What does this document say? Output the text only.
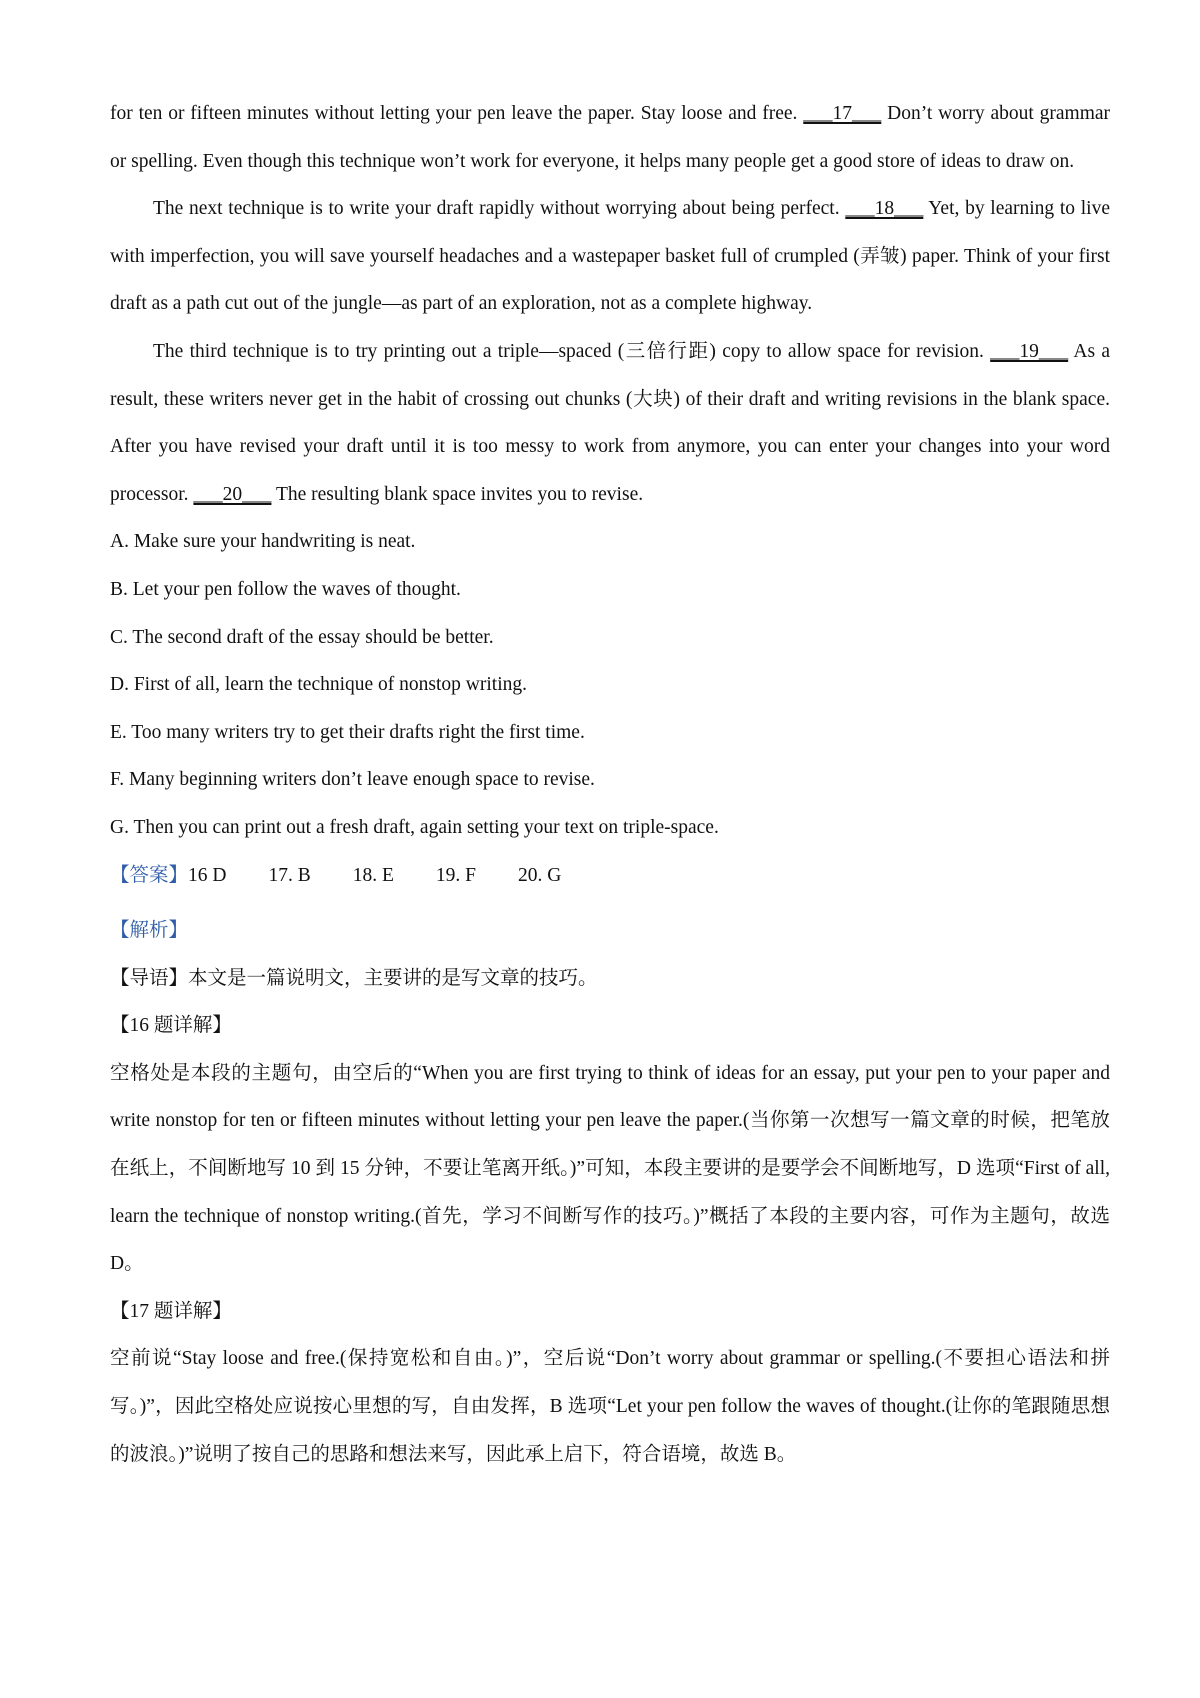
for ten or fifteen minutes without letting your pen leave the paper. Stay loose and free. ___17___ Don’t worry about grammar or spelling. Even though this technique won’t work for everyone, it helps many people get a good store of ideas to draw on.

The next technique is to write your draft rapidly without worrying about being perfect. ___18___ Yet, by learning to live with imperfection, you will save yourself headaches and a wastepaper basket full of crumpled (弄皱) paper. Think of your first draft as a path cut out of the jungle—as part of an exploration, not as a complete highway.

The third technique is to try printing out a triple—spaced (三倍行距) copy to allow space for revision. ___19___ As a result, these writers never get in the habit of crossing out chunks (大块) of their draft and writing revisions in the blank space. After you have revised your draft until it is too messy to work from anymore, you can enter your changes into your word processor. ___20___ The resulting blank space invites you to revise.

A. Make sure your handwriting is neat.

B. Let your pen follow the waves of thought.

C. The second draft of the essay should be better.

D. First of all, learn the technique of nonstop writing.

E. Too many writers try to get their drafts right the first time.

F. Many beginning writers don’t leave enough space to revise.

G. Then you can print out a fresh draft, again setting your text on triple-space.

【答案】16 D 17. B 18. E 19. F 20. G

【解析】

【导语】本文是一篇说明文，主要讲的是写文章的技巧。

【16 题详解】

空格处是本段的主题句，由空后的“When you are first trying to think of ideas for an essay, put your pen to your paper and write nonstop for ten or fifteen minutes without letting your pen leave the paper.(当你第一次想写一篇文章的时候，把笔放在纸上，不间断地写 10 到 15 分钟，不要让笔离开纸。)”可知，本段主要讲的是要学会不间断地写，D 选项“First of all, learn the technique of nonstop writing.(首先，学习不间断写作的技巧。)”概括了本段的主要内容，可作为主题句，故选 D。

【17 题详解】

空前说“Stay loose and free.(保持宽松和自由。)”，空后说“Don’t worry about grammar or spelling.(不要担心语法和拼写。)”，因此空格处应说按心里想的写，自由发挥，B 选项“Let your pen follow the waves of thought.(让你的笔跟随思想的波浪。)”说明了按自己的思路和想法来写，因此承上启下，符合语境，故选 B。
